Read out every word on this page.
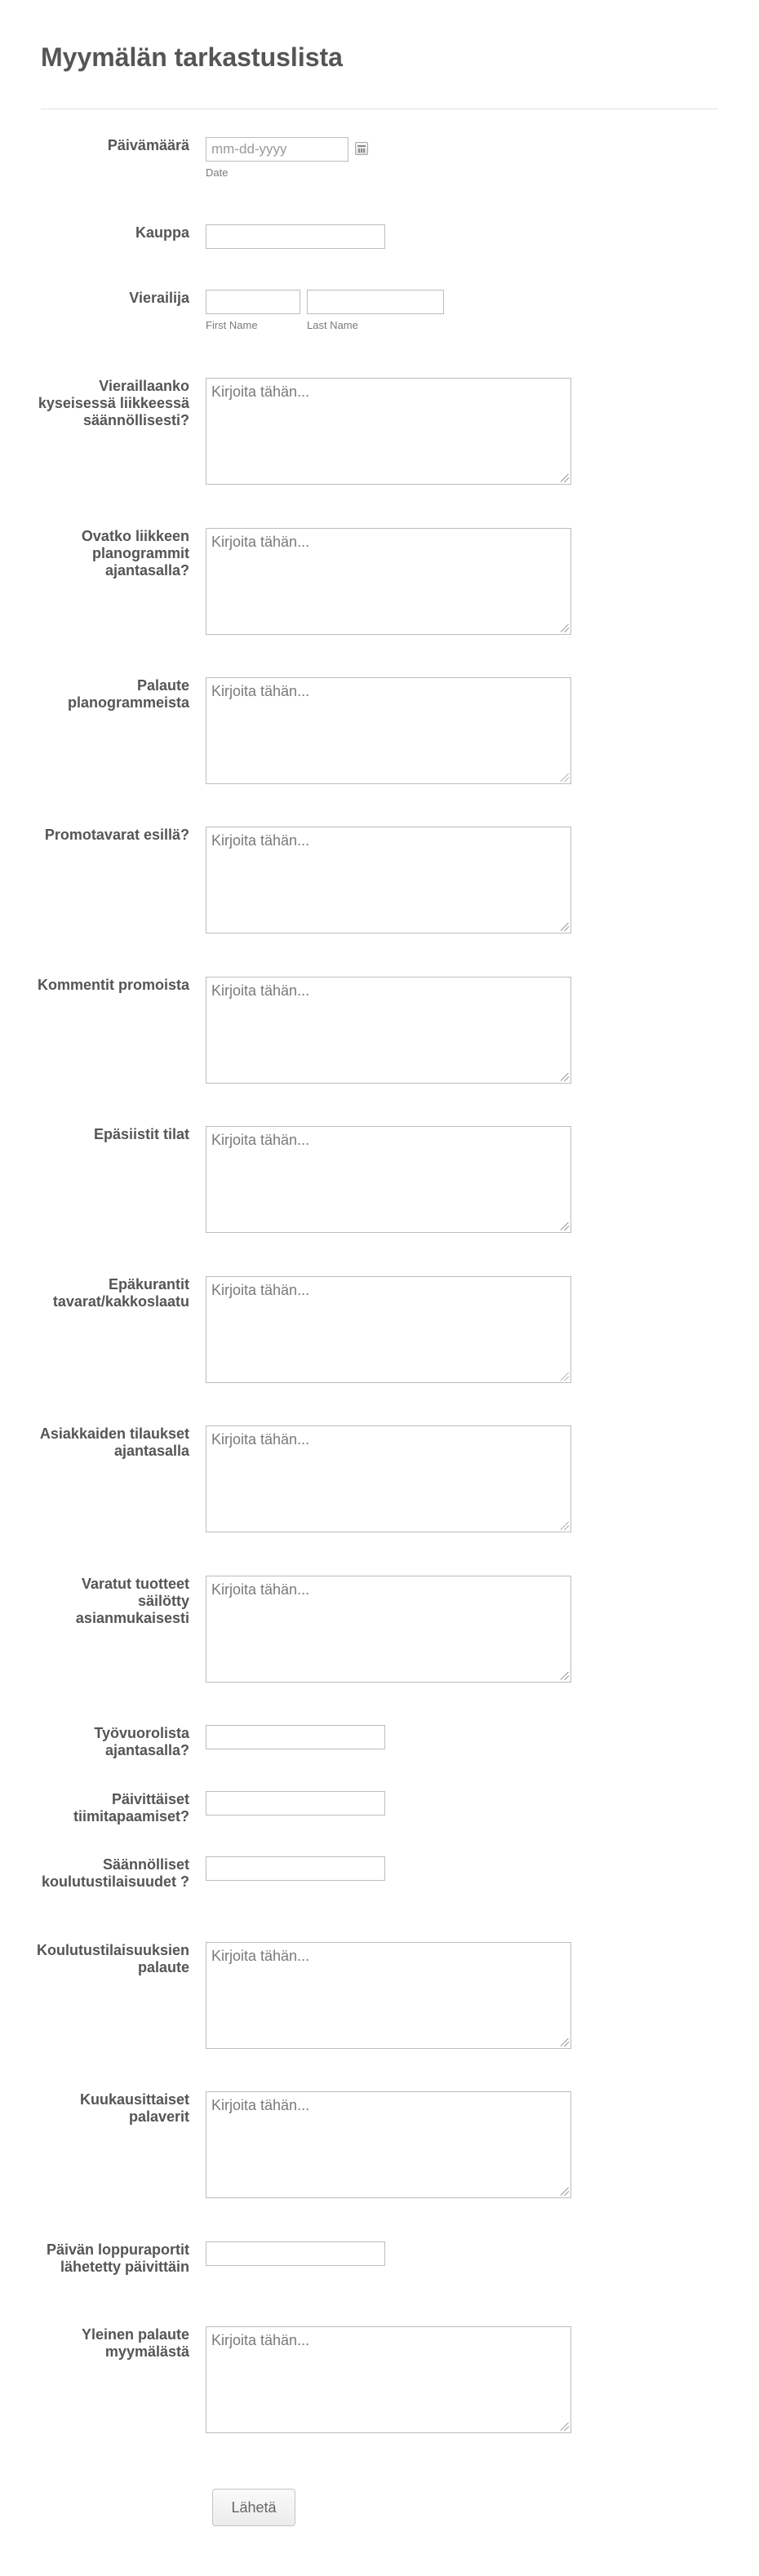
Myymälän tarkastuslista
Päivämäärä
mm-dd-yyyy
Date
Kauppa
Vierailija
First Name	Last Name
Vieraillaanko kyseisessä liikkeessä säännöllisesti?
Kirjoita tähän...
Ovatko liikkeen planogrammit ajantasalla?
Kirjoita tähän...
Palaute planogrammeista
Kirjoita tähän...
Promotavarat esillä?
Kirjoita tähän...
Kommentit promoista
Kirjoita tähän...
Epäsiistit tilat
Kirjoita tähän...
Epäkurantit tavarat/kakkoslaatu
Kirjoita tähän...
Asiakkaiden tilaukset ajantasalla
Kirjoita tähän...
Varatut tuotteet säilötty asianmukaisesti
Kirjoita tähän...
Työvuorolista ajantasalla?
Päivittäiset tiimitapaamiset?
Säännölliset koulutustilaisuudet ?
Koulutustilaisuuksien palaute
Kirjoita tähän...
Kuukausittaiset palaverit
Kirjoita tähän...
Päivän loppuraportit lähetetty päivittäin
Yleinen palaute myymälästä
Kirjoita tähän...
Lähetä
